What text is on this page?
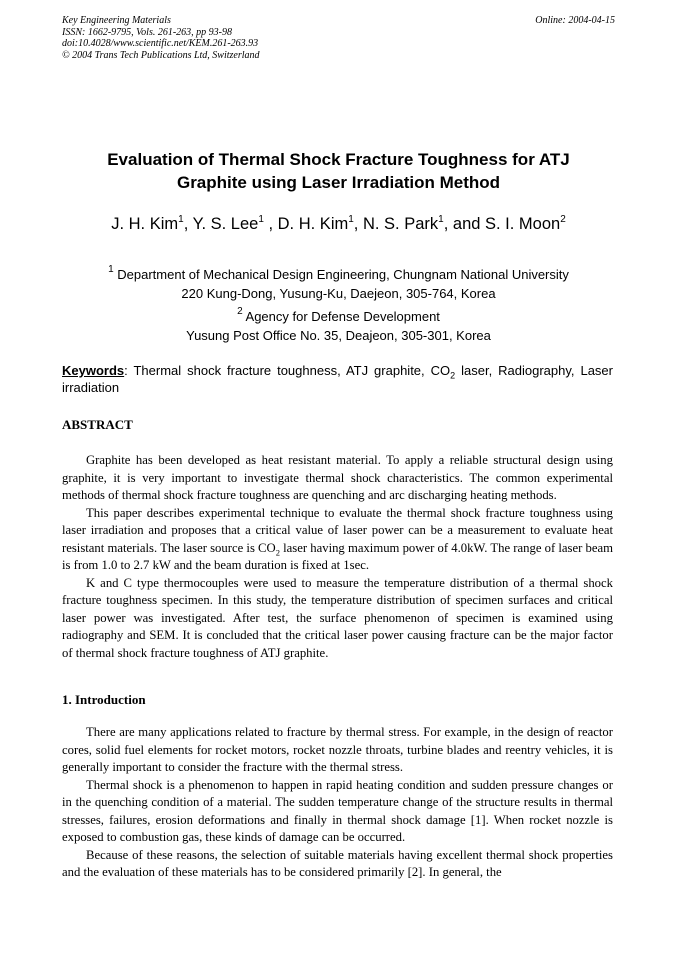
Key Engineering Materials	Online: 2004-04-15
ISSN: 1662-9795, Vols. 261-263, pp 93-98
doi:10.4028/www.scientific.net/KEM.261-263.93
© 2004 Trans Tech Publications Ltd, Switzerland
Evaluation of Thermal Shock Fracture Toughness for ATJ
Graphite using Laser Irradiation Method
J. H. Kim$^1$, Y. S. Lee$^1$ , D. H. Kim$^1$, N. S. Park$^1$, and S. I. Moon$^2$
$^1$ Department of Mechanical Design Engineering, Chungnam National University
220 Kung-Dong, Yusung-Ku, Daejeon, 305-764, Korea
$^2$ Agency for Defense Development
Yusung Post Office No. 35, Deajeon, 305-301, Korea
Keywords: Thermal shock fracture toughness, ATJ graphite, $CO_2$ laser, Radiography, Laser irradiation
ABSTRACT

Graphite has been developed as heat resistant material. To apply a reliable structural design using graphite, it is very important to investigate thermal shock characteristics. The common experimental methods of thermal shock fracture toughness are quenching and arc discharging heating methods.

This paper describes experimental technique to evaluate the thermal shock fracture toughness using laser irradiation and proposes that a critical value of laser power can be a measurement to evaluate heat resistant materials. The laser source is $CO_2$ laser having maximum power of 4.0kW. The range of laser beam is from 1.0 to 2.7 kW and the beam duration is fixed at 1sec.

K and C type thermocouples were used to measure the temperature distribution of a thermal shock fracture toughness specimen. In this study, the temperature distribution of specimen surfaces and critical laser power was investigated. After test, the surface phenomenon of specimen is examined using radiography and SEM. It is concluded that the critical laser power causing fracture can be the major factor of thermal shock fracture toughness of ATJ graphite.

1. Introduction

There are many applications related to fracture by thermal stress. For example, in the design of reactor cores, solid fuel elements for rocket motors, rocket nozzle throats, turbine blades and reentry vehicles, it is generally important to consider the fracture with the thermal stress.

Thermal shock is a phenomenon to happen in rapid heating condition and sudden pressure changes or in the quenching condition of a material. The sudden temperature change of the structure results in thermal stresses, failures, erosion deformations and finally in thermal shock damage [1]. When rocket nozzle is exposed to combustion gas, these kinds of damage can be occurred.

Because of these reasons, the selection of suitable materials having excellent thermal shock properties and the evaluation of these materials has to be considered primarily [2]. In general, the
